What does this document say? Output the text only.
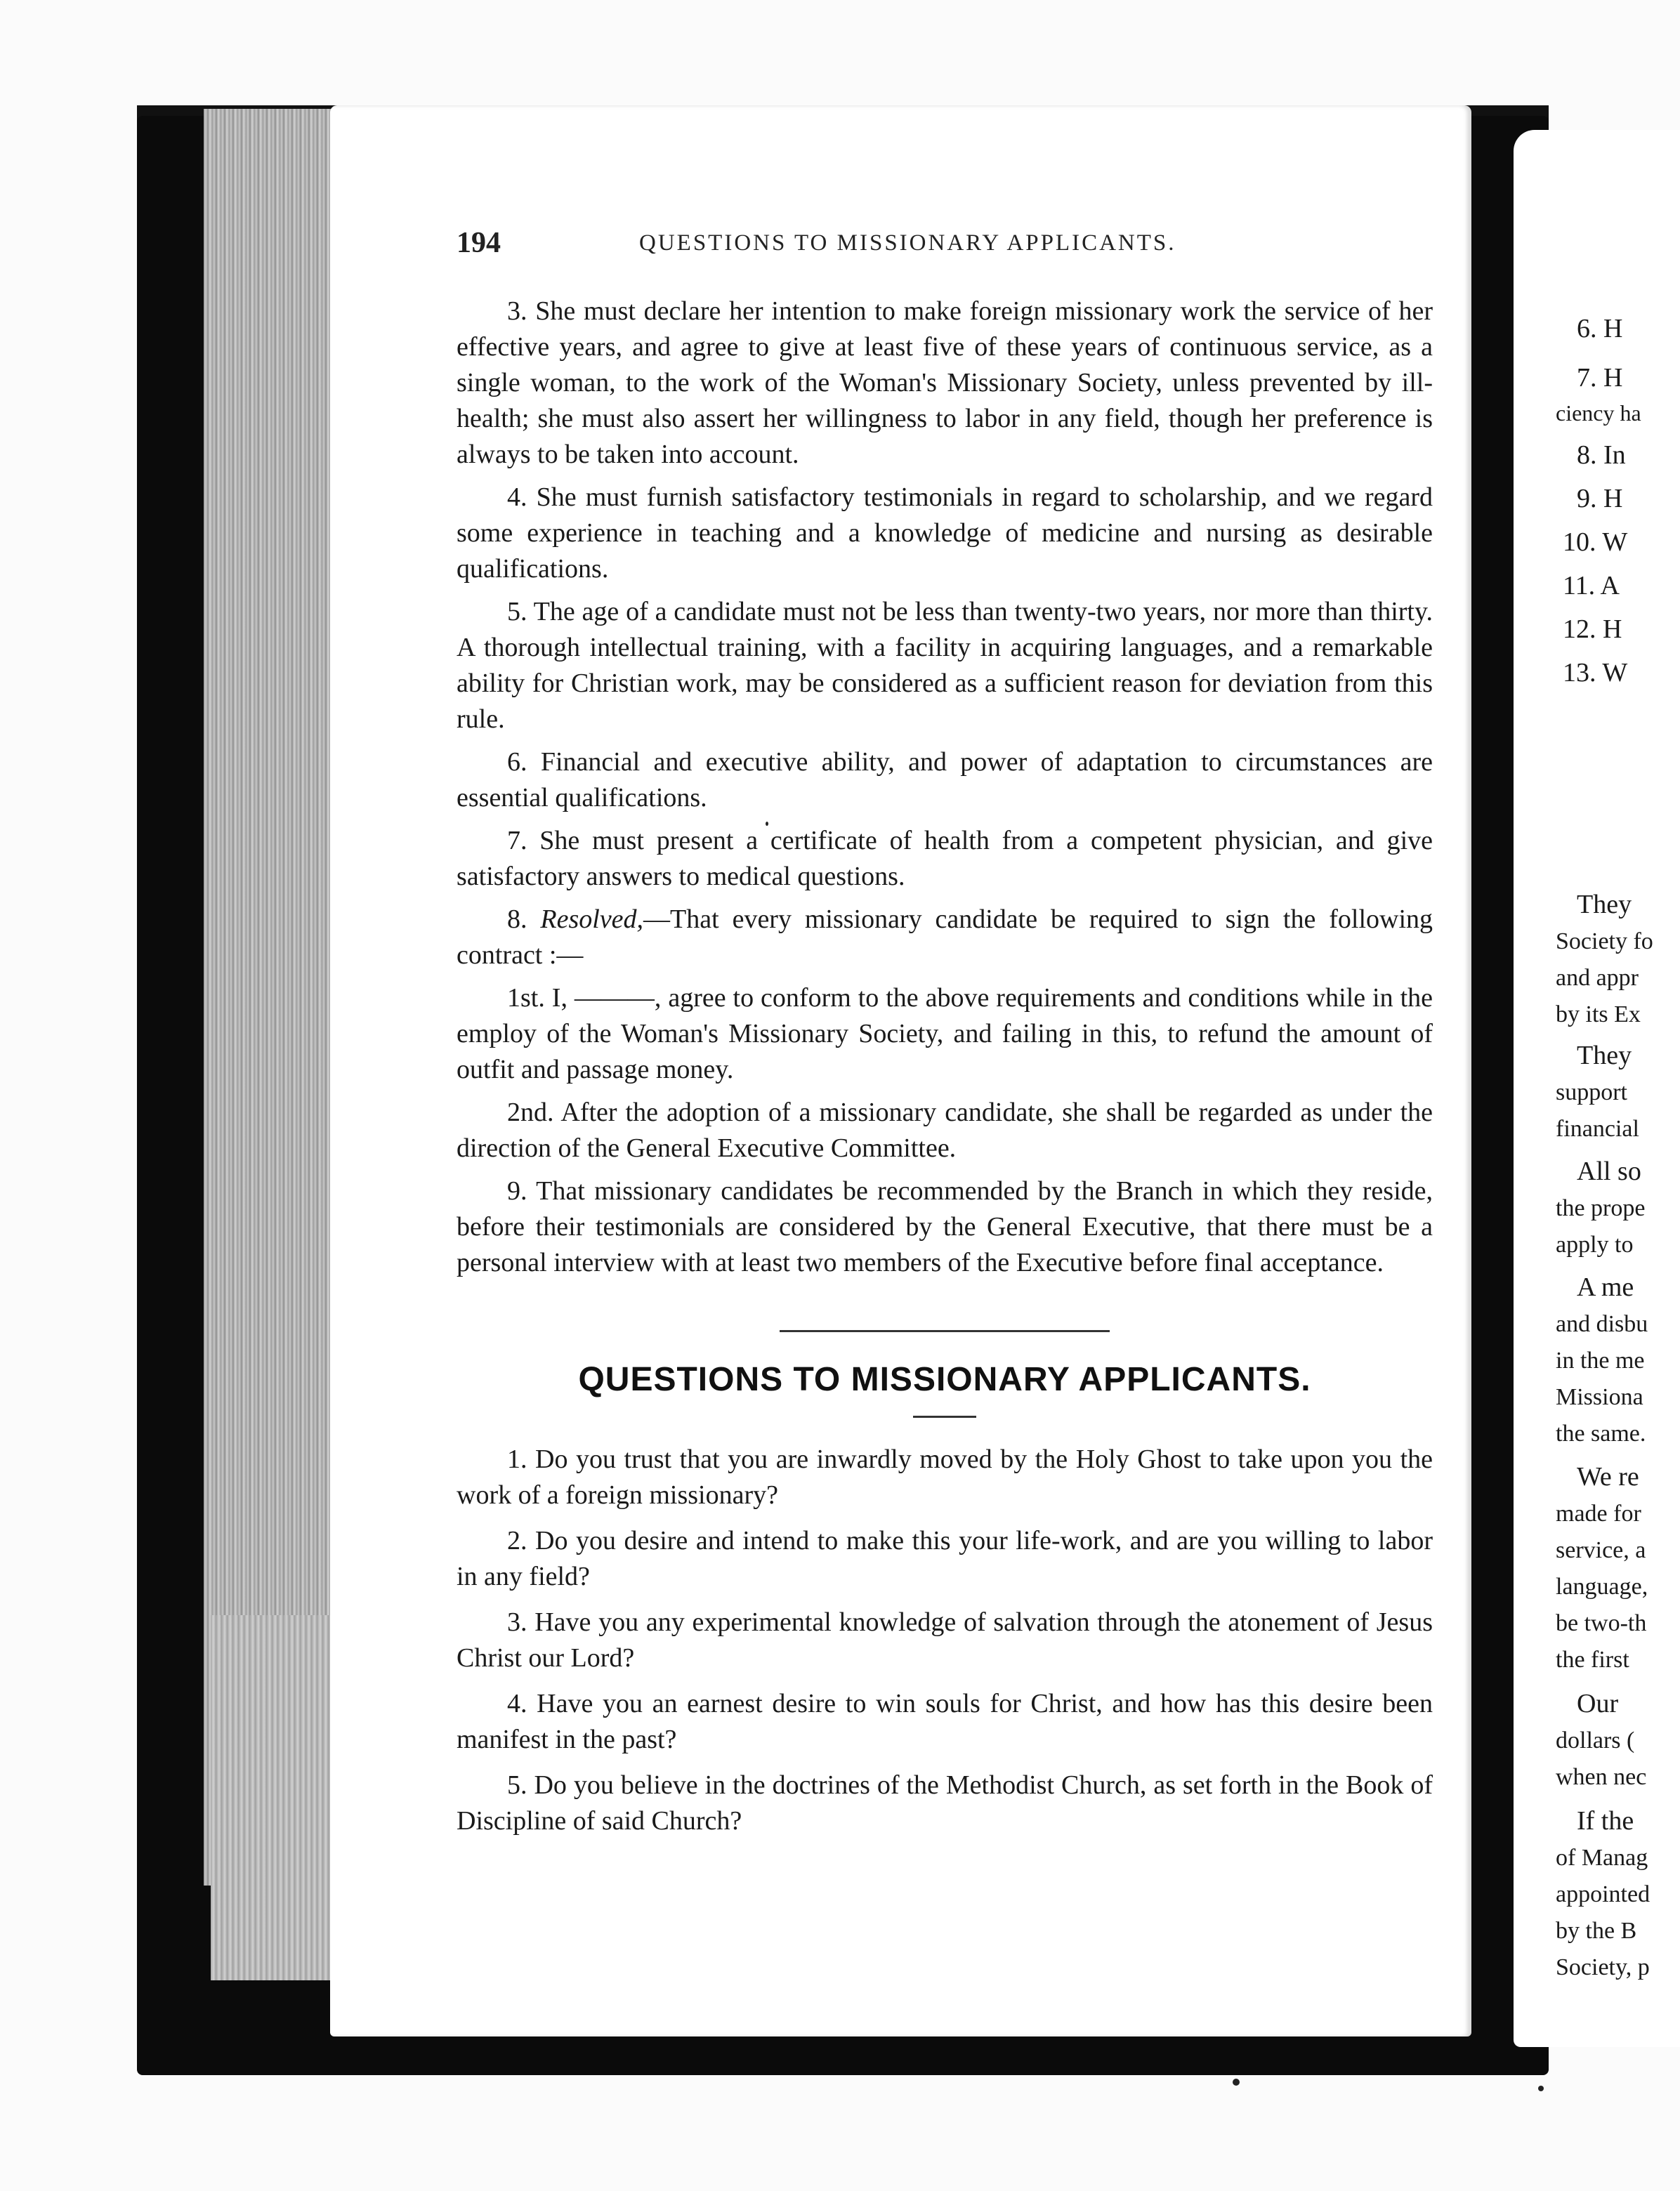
194	QUESTIONS TO MISSIONARY APPLICANTS.

3. She must declare her intention to make foreign missionary work the service of her effective years, and agree to give at least five of these years of continuous service, as a single woman, to the work of the Woman's Missionary Society, unless prevented by ill-health; she must also assert her willingness to labor in any field, though her preference is always to be taken into account.

4. She must furnish satisfactory testimonials in regard to scholarship, and we regard some experience in teaching and a knowledge of medicine and nursing as desirable qualifications.

5. The age of a candidate must not be less than twenty-two years, nor more than thirty. A thorough intellectual training, with a facility in acquiring languages, and a remarkable ability for Christian work, may be considered as a sufficient reason for deviation from this rule.

6. Financial and executive ability, and power of adaptation to circumstances are essential qualifications.

7. She must present a certificate of health from a competent physician, and give satisfactory answers to medical questions.

8. Resolved,—That every missionary candidate be required to sign the following contract :—

1st. I, ———, agree to conform to the above requirements and conditions while in the employ of the Woman's Missionary Society, and failing in this, to refund the amount of outfit and passage money.

2nd. After the adoption of a missionary candidate, she shall be regarded as under the direction of the General Executive Committee.

9. That missionary candidates be recommended by the Branch in which they reside, before their testimonials are considered by the General Executive, that there must be a personal interview with at least two members of the Executive before final acceptance.

QUESTIONS TO MISSIONARY APPLICANTS.

1. Do you trust that you are inwardly moved by the Holy Ghost to take upon you the work of a foreign missionary?

2. Do you desire and intend to make this your life-work, and are you willing to labor in any field?

3. Have you any experimental knowledge of salvation through the atonement of Jesus Christ our Lord?

4. Have you an earnest desire to win souls for Christ, and how has this desire been manifest in the past?

5. Do you believe in the doctrines of the Methodist Church, as set forth in the Book of Discipline of said Church?

6. H
7. H
ciency ha
8. In
9. H
10. W
11. A
12. H
13. W
They
Society fo
and appr
by its Ex
They
support
financial
All so
the prope
apply to
A me
and disbu
in the me
Missiona
the same.
We re
made for
service, a
language,
be two-th
the first
Our
dollars (
when nec
If the
of Manag
appointed
by the B
Society, p
